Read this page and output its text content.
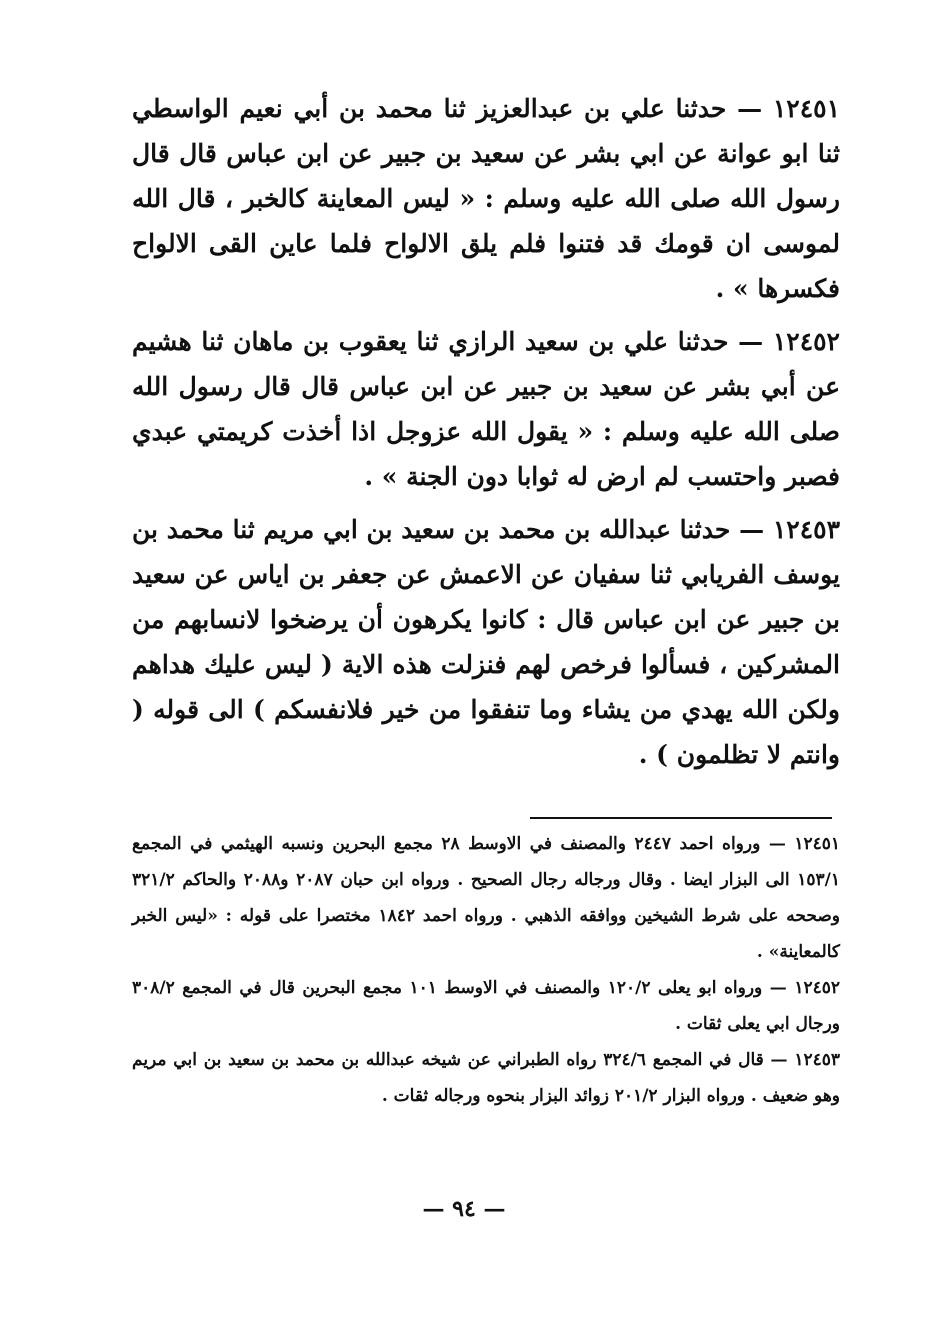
١٢٤٥١ — حدثنا علي بن عبدالعزيز ثنا محمد بن أبي نعيم الواسطي ثنا ابو عوانة عن ابي بشر عن سعيد بن جبير عن ابن عباس قال قال رسول الله صلى الله عليه وسلم : « ليس المعاينة كالخبر ، قال الله لموسى ان قومك قد فتنوا فلم يلق الالواح فلما عاين القى الالواح فكسرها » .

١٢٤٥٢ — حدثنا علي بن سعيد الرازي ثنا يعقوب بن ماهان ثنا هشيم عن أبي بشر عن سعيد بن جبير عن ابن عباس قال قال رسول الله صلى الله عليه وسلم : « يقول الله عزوجل اذا أخذت كريمتي عبدي فصبر واحتسب لم ارض له ثوابا دون الجنة » .

١٢٤٥٣ — حدثنا عبدالله بن محمد بن سعيد بن ابي مريم ثنا محمد بن يوسف الفريابي ثنا سفيان عن الاعمش عن جعفر بن اياس عن سعيد بن جبير عن ابن عباس قال : كانوا يكرهون أن يرضخوا لانسابهم من المشركين ، فسألوا فرخص لهم فنزلت هذه الاية ( ليس عليك هداهم ولكن الله يهدي من يشاء وما تنفقوا من خير فلانفسكم ) الى قوله ( وانتم لا تظلمون ) .

١٢٤٥١ — ورواه احمد ٢٤٤٧ والمصنف في الاوسط ٢٨ مجمع البحرين ونسبه الهيثمي في المجمع ١٥٣/١ الى البزار ايضا . وقال ورجاله رجال الصحيح . ورواه ابن حبان ٢٠٨٧ و٢٠٨٨ والحاكم ٣٢١/٢ وصححه على شرط الشيخين ووافقه الذهبي . ورواه احمد ١٨٤٢ مختصرا على قوله : «ليس الخبر كالمعاينة» .

١٢٤٥٢ — ورواه ابو يعلى ١٢٠/٢ والمصنف في الاوسط ١٠١ مجمع البحرين قال في المجمع ٣٠٨/٢ ورجال ابي يعلى ثقات .

١٢٤٥٣ — قال في المجمع ٣٢٤/٦ رواه الطبراني عن شيخه عبدالله بن محمد بن سعيد بن ابي مريم وهو ضعيف . ورواه البزار ٢٠١/٢ زوائد البزار بنحوه ورجاله ثقات .

— ٩٤ —
